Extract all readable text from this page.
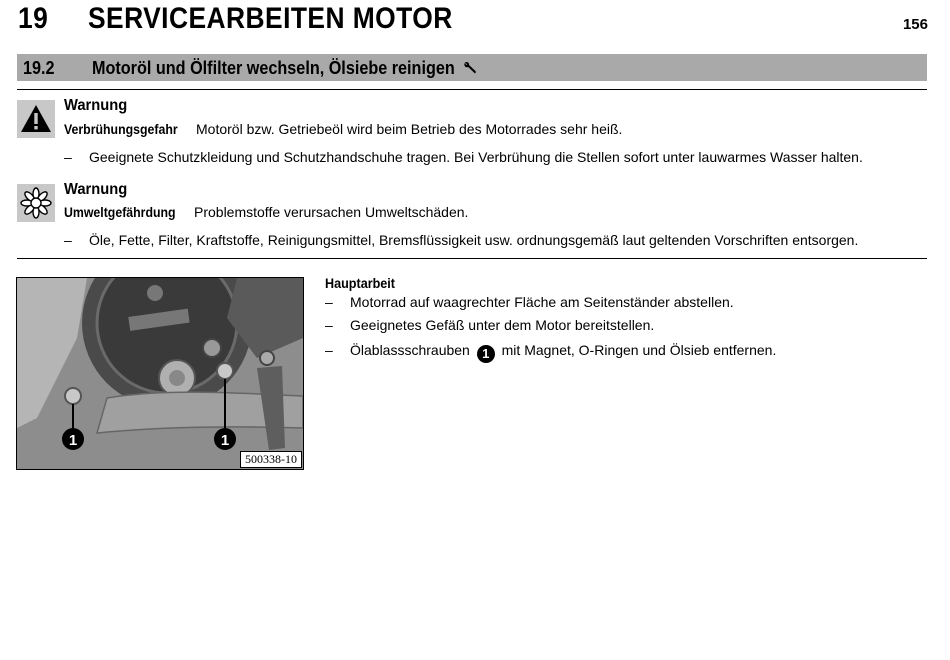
19 SERVICEARBEITEN MOTOR	156
19.2 Motoröl und Ölfilter wechseln, Ölsiebe reinigen
Warnung
Verbrühungsgefahr Motoröl bzw. Getriebeöl wird beim Betrieb des Motorrades sehr heiß.
– Geeignete Schutzkleidung und Schutzhandschuhe tragen. Bei Verbrühung die Stellen sofort unter lauwarmes Wasser halten.
Warnung
Umweltgefährdung Problemstoffe verursachen Umweltschäden.
– Öle, Fette, Filter, Kraftstoffe, Reinigungsmittel, Bremsflüssigkeit usw. ordnungsgemäß laut geltenden Vorschriften entsorgen.
1	1
500338-10
Hauptarbeit
– Motorrad auf waagrechter Fläche am Seitenständer abstellen.
– Geeignetes Gefäß unter dem Motor bereitstellen.
– Ölablassschrauben 1 mit Magnet, O-Ringen und Ölsieb entfernen.
